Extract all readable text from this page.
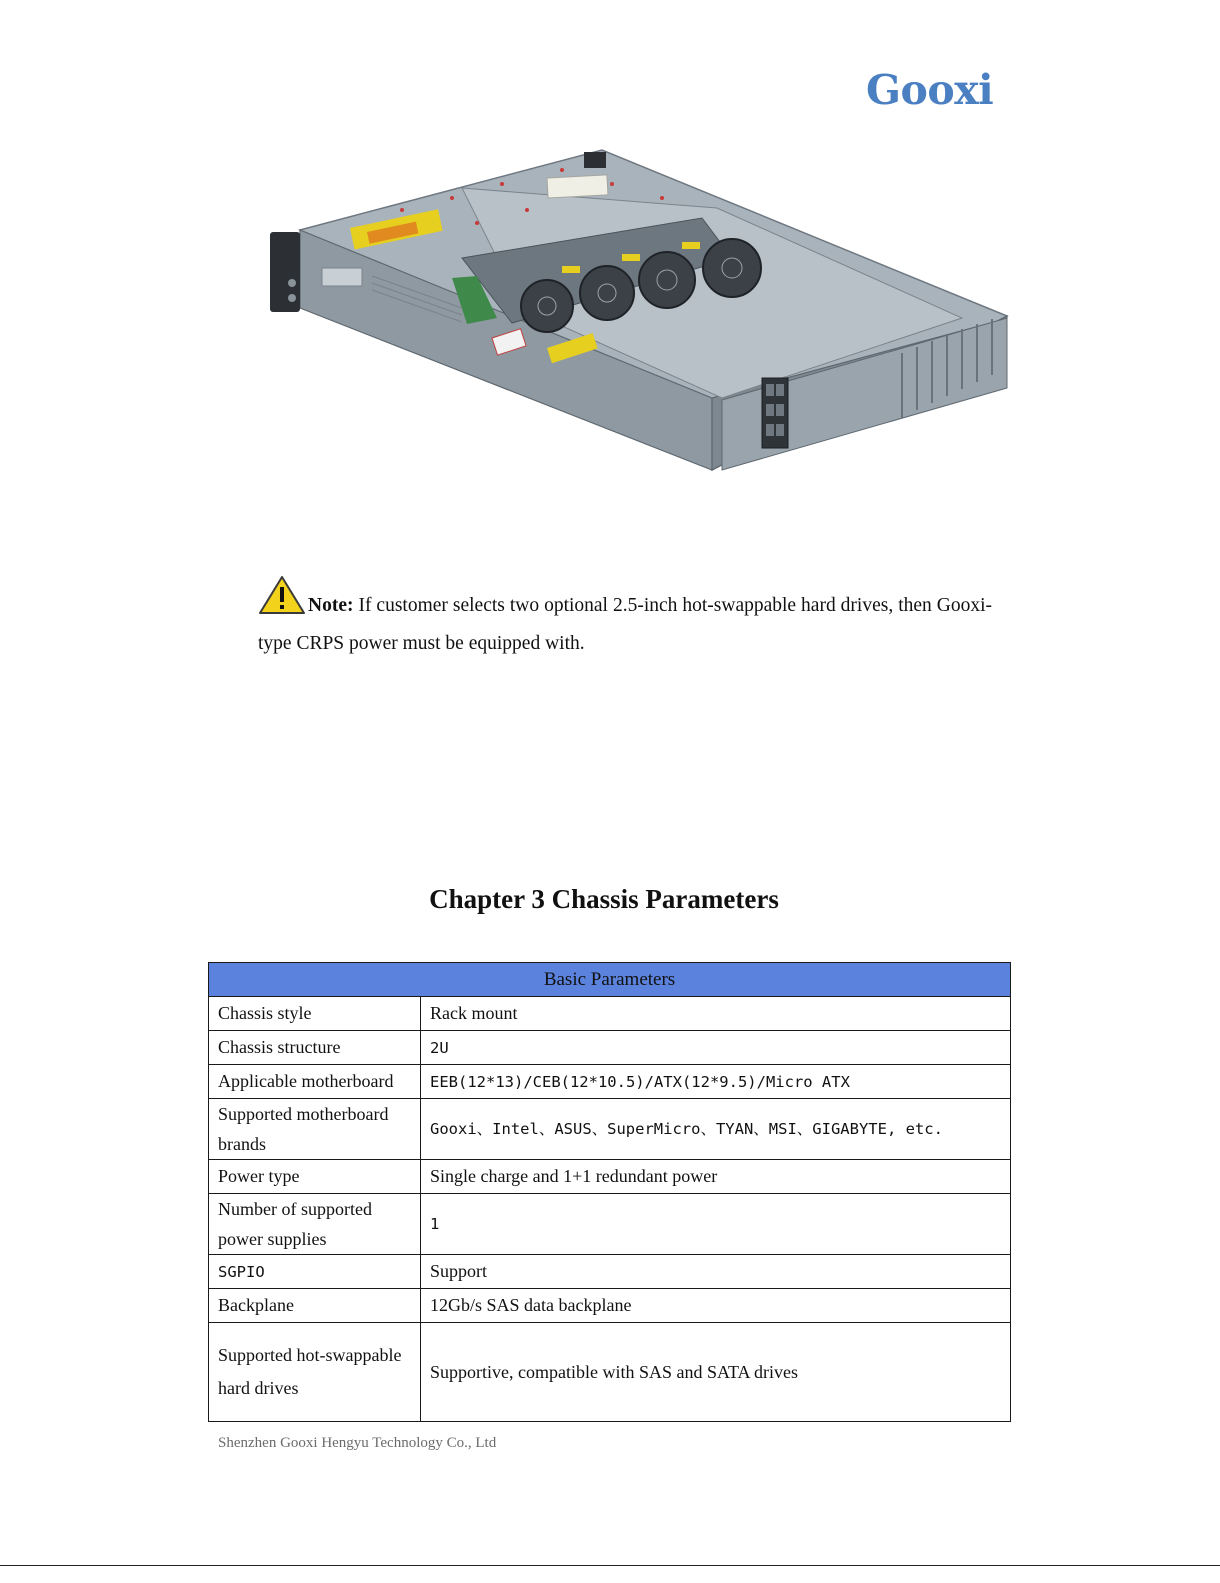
Gooxi
Note: If customer selects two optional 2.5-inch hot-swappable hard drives, then Gooxi-type CRPS power must be equipped with.
Chapter 3 Chassis Parameters
Basic Parameters	
Chassis style	Rack mount
Chassis structure	2U
Applicable motherboard	EEB(12*13)/CEB(12*10.5)/ATX(12*9.5)/Micro ATX
Supported motherboard brands	Gooxi、Intel、ASUS、SuperMicro、TYAN、MSI、GIGABYTE, etc.
Power type	Single charge and 1+1 redundant power
Number of supported power supplies	1
SGPIO	Support
Backplane	12Gb/s SAS data backplane
Supported hot-swappable hard drives	Supportive, compatible with SAS and SATA drives
Shenzhen Gooxi Hengyu Technology Co., Ltd
